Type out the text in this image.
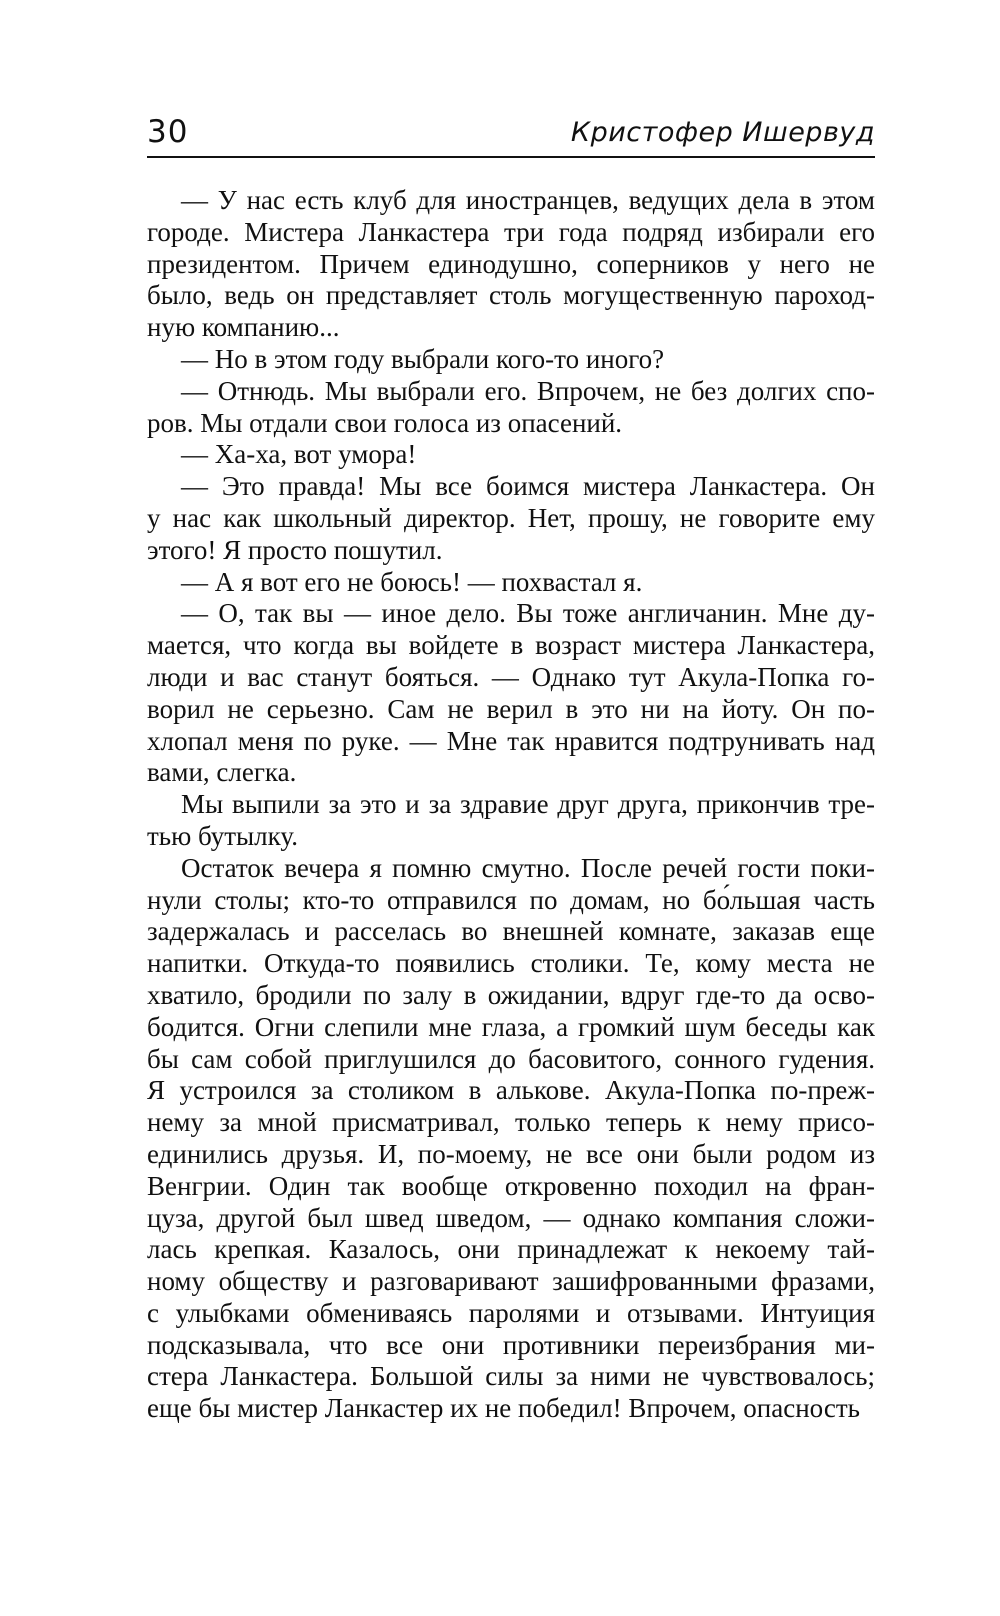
30	Кристофер Ишервуд
— У нас есть клуб для иностранцев, ведущих дела в этом
городе. Мистера Ланкастера три года подряд избирали его
президентом. Причем единодушно, соперников у него не
было, ведь он представляет столь могущественную пароход-
ную компанию...
— Но в этом году выбрали кого-то иного?
— Отнюдь. Мы выбрали его. Впрочем, не без долгих спо-
ров. Мы отдали свои голоса из опасений.
— Ха-ха, вот умора!
— Это правда! Мы все боимся мистера Ланкастера. Он
у нас как школьный директор. Нет, прошу, не говорите ему
этого! Я просто пошутил.
— А я вот его не боюсь! — похвастал я.
— О, так вы — иное дело. Вы тоже англичанин. Мне ду-
мается, что когда вы войдете в возраст мистера Ланкастера,
люди и вас станут бояться. — Однако тут Акула-Попка го-
ворил не серьезно. Сам не верил в это ни на йоту. Он по-
хлопал меня по руке. — Мне так нравится подтрунивать над
вами, слегка.
Мы выпили за это и за здравие друг друга, прикончив тре-
тью бутылку.
Остаток вечера я помню смутно. После речей гости поки-
нули столы; кто-то отправился по домам, но бо́льшая часть
задержалась и расселась во внешней комнате, заказав еще
напитки. Откуда-то появились столики. Те, кому места не
хватило, бродили по залу в ожидании, вдруг где-то да осво-
бодится. Огни слепили мне глаза, а громкий шум беседы как
бы сам собой приглушился до басовитого, сонного гудения.
Я устроился за столиком в алькове. Акула-Попка по-преж-
нему за мной присматривал, только теперь к нему присо-
единились друзья. И, по-моему, не все они были родом из
Венгрии. Один так вообще откровенно походил на фран-
цуза, другой был швед шведом, — однако компания сложи-
лась крепкая. Казалось, они принадлежат к некоему тай-
ному обществу и разговаривают зашифрованными фразами,
с улыбками обмениваясь паролями и отзывами. Интуиция
подсказывала, что все они противники переизбрания ми-
стера Ланкастера. Большой силы за ними не чувствовалось;
еще бы мистер Ланкастер их не победил! Впрочем, опасность
